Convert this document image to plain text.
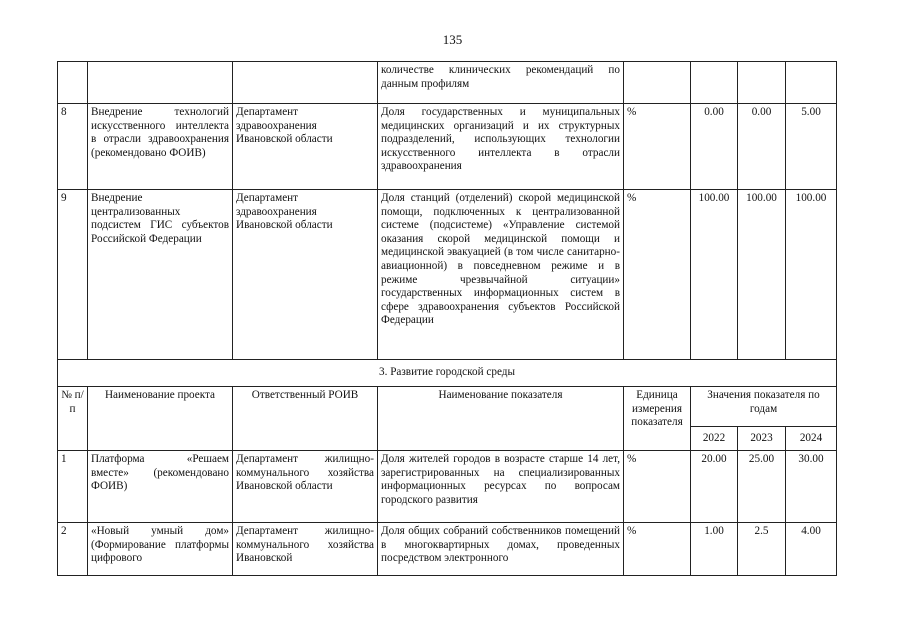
135
			количестве клинических рекомендаций по данным профилям				
8	Внедрение технологий искусственного интеллекта в отрасли здравоохранения (рекомендовано ФОИВ)	Департамент здравоохранения Ивановской области	Доля государственных и муниципальных медицинских организаций и их структурных подразделений, использующих технологии искусственного интеллекта в отрасли здравоохранения	%	0.00	0.00	5.00
9	Внедрение централизованных подсистем ГИС субъектов Российской Федерации	Департамент здравоохранения Ивановской области	Доля станций (отделений) скорой медицинской помощи, подключенных к централизованной системе (подсистеме) «Управление системой оказания скорой медицинской помощи и медицинской эвакуацией (в том числе санитарно-авиационной) в повседневном режиме и в режиме чрезвычайной ситуации» государственных информационных систем в сфере здравоохранения субъектов Российской Федерации	%	100.00	100.00	100.00
3. Развитие городской среды							
№ п/п	Наименование проекта	Ответственный РОИВ	Наименование показателя	Единица измерения показателя	Значения показателя по годам		
					2022	2023	2024
1	Платформа «Решаем вместе» (рекомендовано ФОИВ)	Департамент жилищно-коммунального хозяйства Ивановской области	Доля жителей городов в возрасте старше 14 лет, зарегистрированных на специализированных информационных ресурсах по вопросам городского развития	%	20.00	25.00	30.00

2	«Новый умный дом» (Формирование платформы цифрового	Департамент жилищно-коммунального хозяйства Ивановской	Доля общих собраний собственников помещений в многоквартирных домах, проведенных посредством электронного	%	1.00	2.5	4.00
